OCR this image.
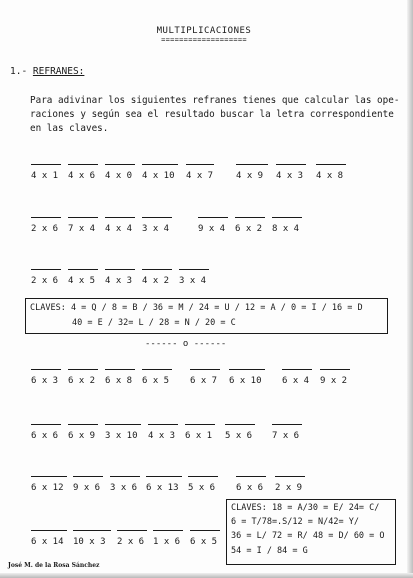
MULTIPLICACIONES
===================
1.- REFRANES:
Para adivinar los siguientes refranes tienes que calcular las ope-
raciones y según sea el resultado buscar la letra correspondiente
en las claves.
4 x 1 4 x 6 4 x 0 4 x 10 4 x 7	4 x 9 4 x 3 4 x 8
2 x 6 7 x 4 4 x 4 3 x 4	9 x 4 6 x 2 8 x 4
2 x 6 4 x 5 4 x 3 4 x 2 3 x 4
CLAVES: 4 = Q / 8 = B / 36 = M / 24 = U / 12 = A / 0 = I / 16 = D
40 = E / 32= L / 28 = N / 20 = C
------ o ------
6 x 3 6 x 2 6 x 8 6 x 5 6 x 7 6 x 10 6 x 4 9 x 2
6 x 6 6 x 9 3 x 10 4 x 3 6 x 1 5 x 6 7 x 6
6 x 12 9 x 6 3 x 6 6 x 13 5 x 6 6 x 6 2 x 9
6 x 14 10 x 3 2 x 6 1 x 6 6 x 5
CLAVES: 18 = A/30 = E/ 24= C/
6 = T/78=.S/12 = N/42= Y/
36 = L/ 72 = R/ 48 = D/ 60 = O
54 = I / 84 = G
José M. de la Rosa Sánchez
